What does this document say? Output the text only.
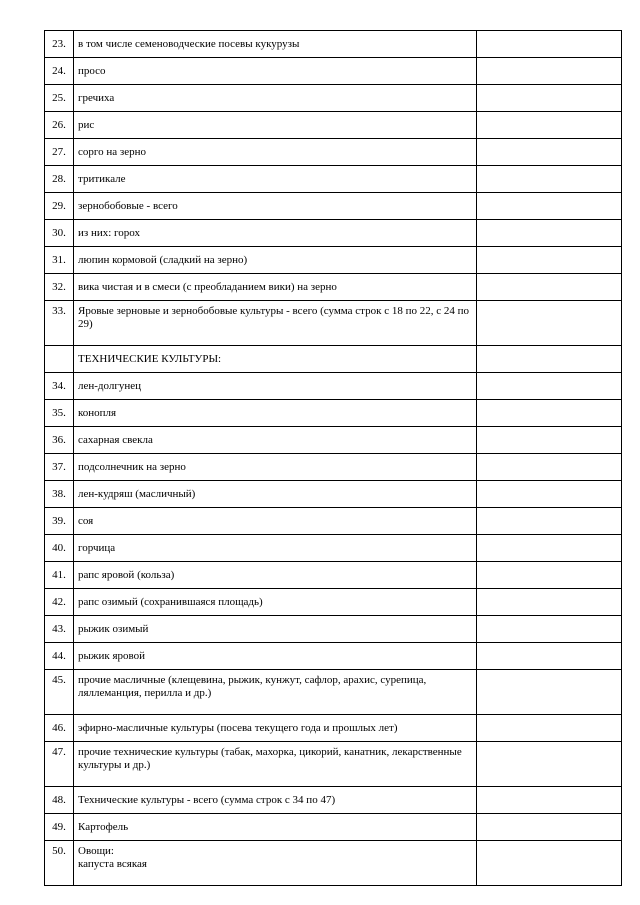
23.	в том числе семеноводческие посевы кукурузы	
24.	просо	
25.	гречиха	
26.	рис	
27.	сорго на зерно	
28.	тритикале	
29.	зернобобовые - всего	
30.	из них: горох	
31.	люпин кормовой (сладкий на зерно)	
32.	вика чистая и в смеси (с преобладанием вики) на зерно	
33.	Яровые зерновые и зернобобовые культуры - всего (сумма строк с 18 по 22, с 24 по 29)	
	ТЕХНИЧЕСКИЕ КУЛЬТУРЫ:	
34.	лен-долгунец	
35.	конопля	
36.	сахарная свекла	
37.	подсолнечник на зерно	
38.	лен-кудряш (масличный)	
39.	соя	
40.	горчица	
41.	рапс яровой (кольза)	
42.	рапс озимый (сохранившаяся площадь)	
43.	рыжик озимый	
44.	рыжик яровой	
45.	прочие масличные (клещевина, рыжик, кунжут, сафлор, арахис, сурепица, ляллеманция, перилла и др.)	
46.	эфирно-масличные культуры (посева текущего года и прошлых лет)	
47.	прочие технические культуры (табак, махорка, цикорий, канатник, лекарственные культуры и др.)	
48.	Технические культуры - всего (сумма строк с 34 по 47)	
49.	Картофель	
50.	Овощи:
капуста всякая	
